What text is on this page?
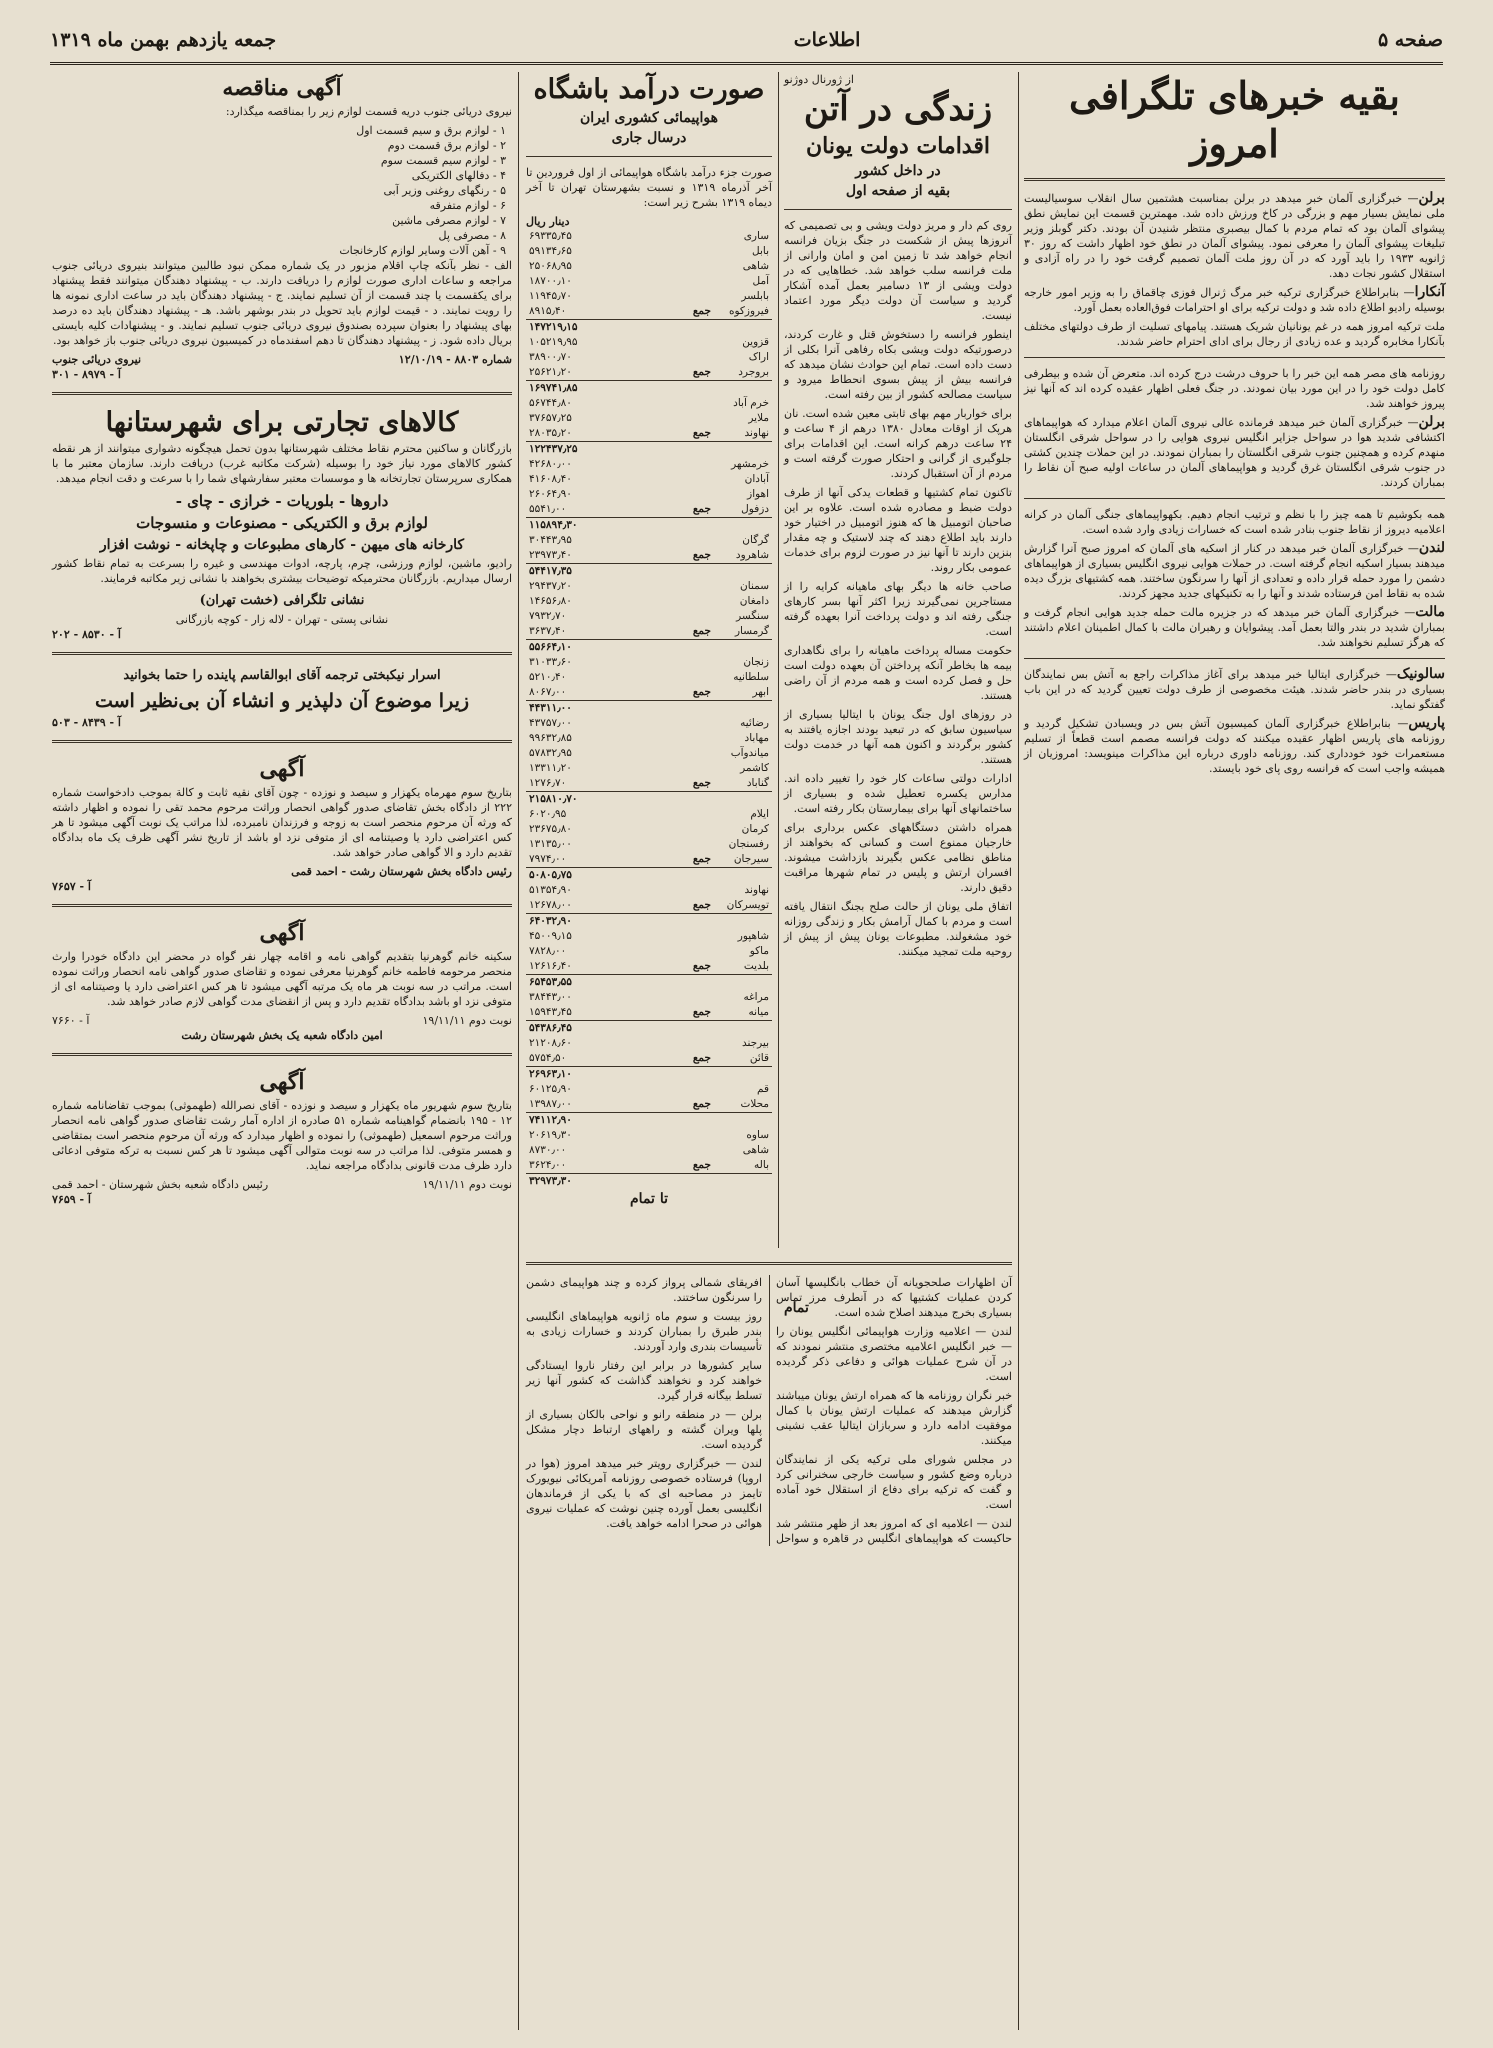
صفحه ۵
اطلاعات
جمعه یازدهم بهمن ماه ۱۳۱۹
بقیه خبرهای تلگرافی امروز

برلن— خبرگزاری آلمان خبر میدهد در برلن بمناسبت هشتمین سال انقلاب سوسیالیست ملی نمایش بسیار مهم و بزرگی در کاخ ورزش داده شد. مهمترین قسمت این نمایش نطق پیشوای آلمان بود که تمام مردم با کمال بیصبری منتظر شنیدن آن بودند. دکتر گوبلز وزیر تبلیغات پیشوای آلمان را معرفی نمود. پیشوای آلمان در نطق خود اظهار داشت که روز ۳۰ ژانویه ۱۹۳۳ را باید آورد که در آن روز ملت آلمان تصمیم گرفت خود را در راه آزادی و استقلال کشور نجات دهد.

آنکارا— بنابراطلاع خبرگزاری ترکیه خبر مرگ ژنرال فوزی چاقماق را به وزیر امور خارجه بوسیله رادیو اطلاع داده شد و دولت ترکیه برای او احترامات فوق‌العاده بعمل آورد.

ملت ترکیه امروز همه در غم یونانیان شریک هستند. پیامهای تسلیت از طرف دولتهای مختلف بآنکارا مخابره گردید و عده زیادی از رجال برای ادای احترام حاضر شدند.

روزنامه های مصر همه این خبر را با حروف درشت درج کرده اند. متعرض آن شده و بیطرفی کامل دولت خود را در این مورد بیان نمودند. در جنگ فعلی اظهار عقیده کرده اند که آنها نیز پیروز خواهند شد.

برلن— خبرگزاری آلمان خبر میدهد فرمانده عالی نیروی آلمان اعلام میدارد که هواپیماهای اکتشافی شدید هوا در سواحل جزایر انگلیس نیروی هوایی را در سواحل شرقی انگلستان منهدم کرده و همچنین جنوب شرقی انگلستان را بمباران نمودند. در این حملات چندین کشتی در جنوب شرقی انگلستان غرق گردید و هواپیماهای آلمان در ساعات اولیه صبح آن نقاط را بمباران کردند.

همه بکوشیم تا همه چیز را با نظم و ترتیب انجام دهیم. بکهواپیماهای جنگی آلمان در کرانه اعلامیه دیروز از نقاط جنوب بنادر شده است که خسارات زیادی وارد شده است.

لندن— خبرگزاری آلمان خبر میدهد در کنار از اسکیه های آلمان که امروز صبح آنرا گزارش میدهند بسیار اسکیه انجام گرفته است. در حملات هوایی نیروی انگلیس بسیاری از هواپیماهای دشمن را مورد حمله قرار داده و تعدادی از آنها را سرنگون ساختند. همه کشتیهای بزرگ دیده شده به نقاط امن فرستاده شدند و آنها را به تکنیکهای جدید مجهز کردند.

مالت— خبرگزاری آلمان خبر میدهد که در جزیره مالت حمله جدید هوایی انجام گرفت و بمباران شدید در بندر والتا بعمل آمد. پیشوایان و رهبران مالت با کمال اطمینان اعلام داشتند که هرگز تسلیم نخواهند شد.

سالونیک— خبرگزاری ایتالیا خبر میدهد برای آغاز مذاکرات راجع به آتش بس نمایندگان بسیاری در بندر حاضر شدند. هیئت مخصوصی از طرف دولت تعیین گردید که در این باب گفتگو نماید.

پاریس— بنابراطلاع خبرگزاری آلمان کمیسیون آتش بس در ویسبادن تشکیل گردید و روزنامه های پاریس اظهار عقیده میکنند که دولت فرانسه مصمم است قطعاً از تسلیم مستعمرات خود خودداری کند. روزنامه داوری درباره این مذاکرات مینویسد: امروزیان از همیشه واجب است که فرانسه روی پای خود بایستد.

از ژورنال دوژنو
زندگی در آتن
اقدامات دولت یونان
در داخل کشور
بقیه از صفحه اول

روی کم دار و مریز دولت ویشی و بی تصمیمی که آنروزها پیش از شکست در جنگ بزیان فرانسه انجام خواهد شد تا زمین امن و امان وارانی از ملت فرانسه سلب خواهد شد. خطاهایی که در دولت ویشی از ۱۳ دسامبر بعمل آمده آشکار گردید و سیاست آن دولت دیگر مورد اعتماد نیست.

اینطور فرانسه را دستخوش قتل و غارت کردند، درصورتیکه دولت ویشی بکاه رفاهی آنرا بکلی از دست داده است. تمام این حوادث نشان میدهد که فرانسه بیش از پیش بسوی انحطاط میرود و سیاست مصالحه کشور از بین رفته است.

برای خواربار مهم بهای ثابتی معین شده است. نان هرپک از اوقات معادل ۱۳۸۰ درهم از ۴ ساعت و ۲۴ ساعت درهم کرانه است. این اقدامات برای جلوگیری از گرانی و احتکار صورت گرفته است و مردم از آن استقبال کردند.

تاکنون تمام کشتیها و قطعات یدکی آنها از طرف دولت ضبط و مصادره شده است. علاوه بر این صاحبان اتومبیل ها که هنوز اتومبیل در اختیار خود دارند باید اطلاع دهند که چند لاستیک و چه مقدار بنزین دارند تا آنها نیز در صورت لزوم برای خدمات عمومی بکار روند.

صاحب خانه ها دیگر بهای ماهیانه کرایه را از مستاجرین نمی‌گیرند زیرا اکثر آنها بسر کارهای جنگی رفته اند و دولت پرداخت آنرا بعهده گرفته است.

حکومت مساله پرداخت ماهیانه را برای نگاهداری بیمه ها بخاطر آنکه پرداختن آن بعهده دولت است حل و فصل کرده است و همه مردم از آن راضی هستند.

در روزهای اول جنگ یونان با ایتالیا بسیاری از سیاسیون سابق که در تبعید بودند اجازه یافتند به کشور برگردند و اکنون همه آنها در خدمت دولت هستند.

ادارات دولتی ساعات کار خود را تغییر داده اند. مدارس یکسره تعطیل شده و بسیاری از ساختمانهای آنها برای بیمارستان بکار رفته است.

همراه داشتن دستگاههای عکس برداری برای خارجیان ممنوع است و کسانی که بخواهند از مناطق نظامی عکس بگیرند بازداشت میشوند. افسران ارتش و پلیس در تمام شهرها مراقبت دقیق دارند.

اتفاق ملی یونان از حالت صلح بجنگ انتقال یافته است و مردم با کمال آرامش بکار و زندگی روزانه خود مشغولند. مطبوعات یونان پیش از پیش از روحیه ملت تمجید میکنند.

تمام

آن اظهارات صلحجویانه آن خطاب بانگلیسها آسان کردن عملیات کشتیها که در آنطرف مرز تماس بسیاری بخرج میدهند اصلاح شده است.

لندن — اعلامیه وزارت هواپیمائی انگلیس یونان را — خبر انگلیس اعلامیه مختصری منتشر نمودند که در آن شرح عملیات هوائی و دفاعی ذکر گردیده است.

خبر نگران روزنامه ها که همراه ارتش یونان میباشند گزارش میدهند که عملیات ارتش یونان با کمال موفقیت ادامه دارد و سربازان ایتالیا عقب نشینی میکنند.

در مجلس شورای ملی ترکیه یکی از نمایندگان درباره وضع کشور و سیاست خارجی سخنرانی کرد و گفت که ترکیه برای دفاع از استقلال خود آماده است.

لندن — اعلامیه ای که امروز بعد از ظهر منتشر شد حاکیست که هواپیماهای انگلیس در قاهره و سواحل افریقای شمالی پرواز کرده و چند هواپیمای دشمن را سرنگون ساختند.

روز بیست و سوم ماه ژانویه هواپیماهای انگلیسی بندر طبرق را بمباران کردند و خسارات زیادی به تأسیسات بندری وارد آوردند.

سایر کشورها در برابر این رفتار ناروا ایستادگی خواهند کرد و نخواهند گذاشت که کشور آنها زیر تسلط بیگانه قرار گیرد.

برلن — در منطقه رانو و نواحی بالکان بسیاری از پلها ویران گشته و راههای ارتباط دچار مشکل گردیده است.

لندن — خبرگزاری رویتر خبر میدهد امروز (هوا در اروپا) فرستاده خصوصی روزنامه آمریکائی نیویورک تایمز در مصاحبه ای که با یکی از فرماندهان انگلیسی بعمل آورده چنین نوشت که عملیات نیروی هوائی در صحرا ادامه خواهد یافت.

آگهی مناقصه

نیروی دریائی جنوب دریه قسمت لوازم زیر را بمناقصه میگذارد:

۱ - لوازم برق و سیم قسمت اول
۲ - لوازم برق قسمت دوم
۳ - لوازم سیم قسمت سوم
۴ - دفالهای الکتریکی
۵ - رنگهای روغنی وزیر آبی
۶ - لوازم متفرقه
۷ - لوازم مصرفی ماشین
۸ - مصرفی پل
۹ - آهن آلات وسایر لوازم کارخانجات

الف - نظر بآنکه چاپ اقلام مزبور در یک شماره ممکن نبود طالبین میتوانند بنیروی دریائی جنوب مراجعه و ساعات اداری صورت لوازم را دریافت دارند. ب - پیشنهاد دهندگان میتوانند فقط پیشنهاد برای یکقسمت یا چند قسمت از آن تسلیم نمایند. ج - پیشنهاد دهندگان باید در ساعت اداری نمونه ها را رویت نمایند. د - قیمت لوازم باید تحویل در بندر بوشهر باشد. هـ - پیشنهاد دهندگان باید ده درصد بهای پیشنهاد را بعنوان سپرده بصندوق نیروی دریائی جنوب تسلیم نمایند. و - پیشنهادات کلیه بایستی بریال داده شود. ز - پیشنهاد دهندگان تا دهم اسفندماه در کمیسیون نیروی دریائی جنوب باز خواهد بود.

شماره ۸۸۰۳ - ۱۲/۱۰/۱۹
نیروی دریائی جنوب
آ - ۸۹۷۹ - ۳۰۱
کالاهای تجارتی برای شهرستانها

بازرگانان و ساکنین محترم نقاط مختلف شهرستانها بدون تحمل هیچگونه دشواری میتوانند از هر نقطه کشور کالاهای مورد نیاز خود را بوسیله (شرکت مکاتبه غرب) دریافت دارند. سازمان معتبر ما با همکاری سرپرستان تجارتخانه ها و موسسات معتبر سفارشهای شما را با سرعت و دقت انجام میدهد.

داروها - بلوریات - خرازی - چای -
لوازم برق و الکتریکی - مصنوعات و منسوجات
کارخانه های میهن - کارهای مطبوعات و چاپخانه - نوشت افزار

رادیو، ماشین، لوازم ورزشی، چرم، پارچه، ادوات مهندسی و غیره را بسرعت به تمام نقاط کشور ارسال میداریم. بازرگانان محترمیکه توضیحات بیشتری بخواهند با نشانی زیر مکاتبه فرمایند.

نشانی تلگرافی (خشت تهران)
نشانی پستی - تهران - لاله زار - کوچه بازرگانی
آ - ۸۵۳۰ - ۲۰۲
اسرار نیکبختی ترجمه آقای ابوالقاسم پاینده را حتما بخوانید
زیرا موضوع آن دلپذیر و انشاء آن بی‌نظیر است
آ - ۸۴۳۹ - ۵۰۳
آگهی

بتاریخ سوم مهرماه یکهزار و سیصد و نوزده - چون آقای نقیه ثابت و کالة بموجب دادخواست شماره ۲۲۲ از دادگاه بخش تقاضای صدور گواهی انحصار وراثت مرحوم محمد تقی را نموده و اظهار داشته که ورثه آن مرحوم منحصر است به زوجه و فرزندان نامبرده، لذا مراتب یک نوبت آگهی میشود تا هر کس اعتراضی دارد یا وصیتنامه ای از متوفی نزد او باشد از تاریخ نشر آگهی ظرف یک ماه بدادگاه تقدیم دارد و الا گواهی صادر خواهد شد.

رئیس دادگاه بخش شهرستان رشت - احمد قمی
آ - ۷۶۵۷
آگهی

سکینه خانم گوهرنیا بتقدیم گواهی نامه و اقامه چهار نفر گواه در محضر این دادگاه خودرا وارث منحصر مرحومه فاطمه خانم گوهرنیا معرفی نموده و تقاضای صدور گواهی نامه انحصار وراثت نموده است. مراتب در سه نوبت هر ماه یک مرتبه آگهی میشود تا هر کس اعتراضی دارد یا وصیتنامه ای از متوفی نزد او باشد بدادگاه تقدیم دارد و پس از انقضای مدت گواهی لازم صادر خواهد شد.

نوبت دوم ۱۹/۱۱/۱۱
آ - ۷۶۶۰
امین دادگاه شعبه یک بخش شهرستان رشت
آگهی

بتاریخ سوم شهریور ماه یکهزار و سیصد و نوزده - آقای نصرالله (طهموثی) بموجب تقاضانامه شماره ۱۲ - ۱۹۵ بانضمام گواهینامه شماره ۵۱ صادره از اداره آمار رشت تقاضای صدور گواهی نامه انحصار وراثت مرحوم اسمعیل (طهموثی) را نموده و اظهار میدارد که ورثه آن مرحوم منحصر است بمتقاضی و همسر متوفی. لذا مراتب در سه نوبت متوالی آگهی میشود تا هر کس نسبت به ترکه متوفی ادعائی دارد ظرف مدت قانونی بدادگاه مراجعه نماید.

نوبت دوم ۱۹/۱۱/۱۱
رئیس دادگاه شعبه بخش شهرستان - احمد قمی
آ - ۷۶۵۹
صورت درآمد باشگاه
هواپیمائی کشوری ایران
درسال جاری

صورت جزء درآمد باشگاه هواپیمائی از اول فروردین تا آخر آذرماه ۱۳۱۹ و نسبت بشهرستان تهران تا آخر دیماه ۱۳۱۹ بشرح زیر است:

دینار ریال
ساری		۶۹۳۳۵٫۴۵
بابل		۵۹۱۳۴٫۶۵
شاهی		۲۵۰۶۸٫۹۵
آمل		۱۸۷۰۰٫۱۰
بابلسر		۱۱۹۴۵٫۷۰
فیروزکوه	جمع	۸۹۱۵٫۴۰
		۱۴۷۲۱۹٫۱۵
قزوین		۱۰۵۲۱۹٫۹۵
اراک		۳۸۹۰۰٫۷۰
بروجرد	جمع	۲۵۶۲۱٫۲۰
		۱۶۹۷۴۱٫۸۵
خرم آباد		۵۶۷۴۴٫۸۰
ملایر		۳۷۶۵۷٫۲۵
نهاوند	جمع	۲۸۰۳۵٫۲۰
		۱۲۲۴۳۷٫۲۵
خرمشهر		۴۲۶۸۰٫۰۰
آبادان		۴۱۶۰۸٫۴۰
اهواز		۲۶۰۶۴٫۹۰
دزفول	جمع	۵۵۴۱٫۰۰
		۱۱۵۸۹۴٫۳۰
گرگان		۳۰۴۴۳٫۹۵
شاهرود	جمع	۲۳۹۷۳٫۴۰
		۵۴۴۱۷٫۳۵
سمنان		۲۹۴۳۷٫۲۰
دامغان		۱۴۶۵۶٫۸۰
سنگسر		۷۹۳۲٫۷۰
گرمسار	جمع	۳۶۳۷٫۴۰
		۵۵۶۶۴٫۱۰
زنجان		۳۱۰۳۳٫۶۰
سلطانیه		۵۲۱۰٫۴۰
ابهر	جمع	۸۰۶۷٫۰۰
		۴۴۳۱۱٫۰۰
رضائیه		۴۳۷۵۷٫۰۰
مهاباد		۹۹۶۳۲٫۸۵
میاندوآب		۵۷۸۳۲٫۹۵
کاشمر		۱۳۳۱۱٫۲۰
گناباد	جمع	۱۲۷۶٫۷۰
		۲۱۵۸۱۰٫۷۰
ایلام		۶۰۲۰٫۹۵
کرمان		۲۳۶۷۵٫۸۰
رفسنجان		۱۳۱۳۵٫۰۰
سیرجان	جمع	۷۹۷۴٫۰۰
		۵۰۸۰۵٫۷۵
نهاوند		۵۱۳۵۴٫۹۰
تویسرکان	جمع	۱۲۶۷۸٫۰۰
		۶۴۰۳۲٫۹۰
شاهپور		۴۵۰۰۹٫۱۵
ماکو		۷۸۲۸٫۰۰
بلدیت	جمع	۱۲۶۱۶٫۴۰
		۶۵۴۵۳٫۵۵
مراغه		۳۸۴۴۳٫۰۰
میانه	جمع	۱۵۹۴۳٫۴۵
		۵۴۳۸۶٫۴۵
بیرجند		۲۱۲۰۸٫۶۰
قائن	جمع	۵۷۵۴٫۵۰
		۲۶۹۶۳٫۱۰
قم		۶۰۱۲۵٫۹۰
محلات	جمع	۱۳۹۸۷٫۰۰
		۷۴۱۱۲٫۹۰
ساوه		۲۰۶۱۹٫۳۰
شاهی		۸۷۳۰٫۰۰
باله	جمع	۳۶۲۴٫۰۰
		۳۲۹۷۳٫۳۰
تا تمام
